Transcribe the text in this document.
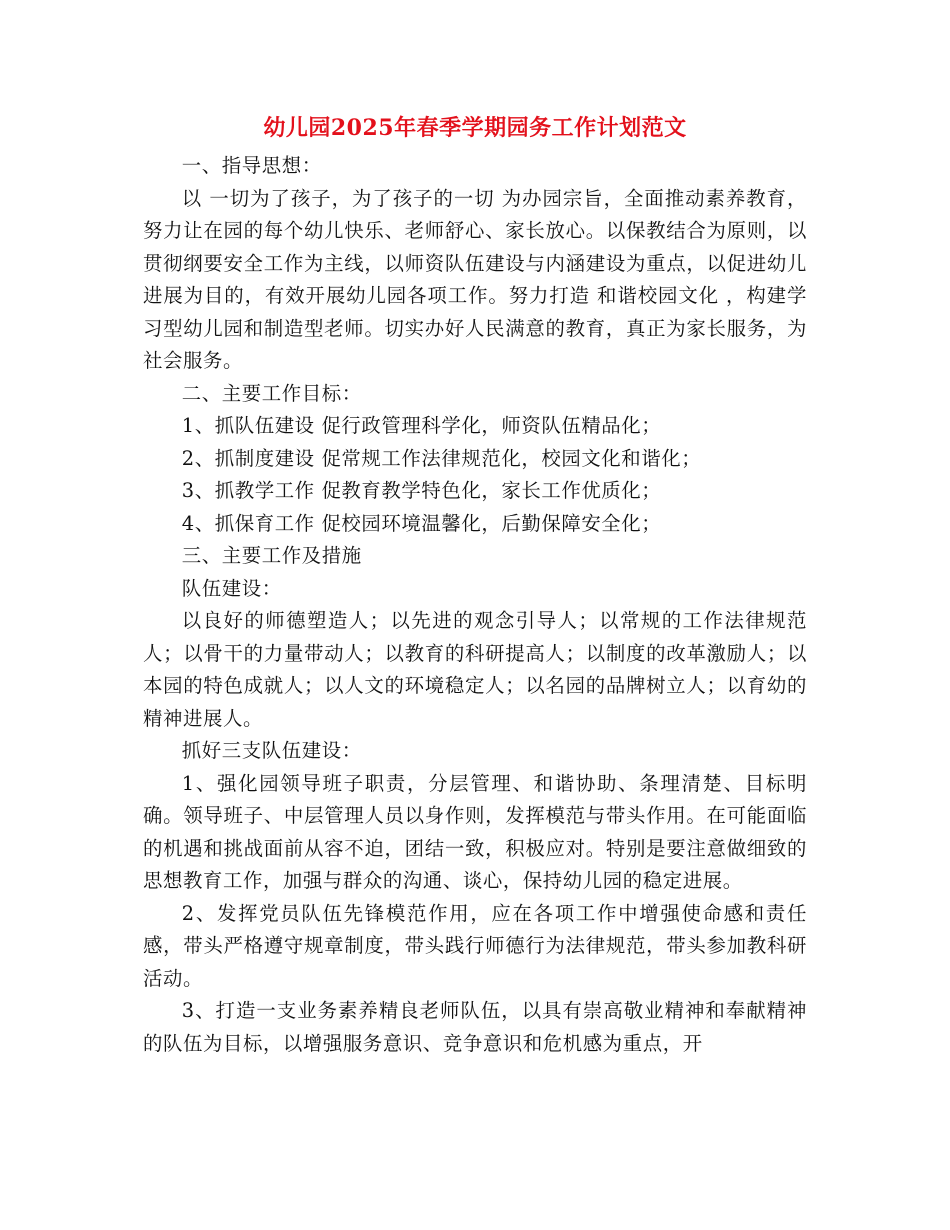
幼儿园2025年春季学期园务工作计划范文

一、指导思想：

以 一切为了孩子，为了孩子的一切 为办园宗旨，全面推动素养教育，努力让在园的每个幼儿快乐、老师舒心、家长放心。以保教结合为原则，以贯彻纲要安全工作为主线，以师资队伍建设与内涵建设为重点，以促进幼儿进展为目的，有效开展幼儿园各项工作。努力打造 和谐校园文化 ，构建学习型幼儿园和制造型老师。切实办好人民满意的教育，真正为家长服务，为社会服务。

二、主要工作目标：

1、抓队伍建设 促行政管理科学化，师资队伍精品化；

2、抓制度建设 促常规工作法律规范化，校园文化和谐化；

3、抓教学工作 促教育教学特色化，家长工作优质化；

4、抓保育工作 促校园环境温馨化，后勤保障安全化；

三、主要工作及措施

队伍建设：

以良好的师德塑造人；以先进的观念引导人；以常规的工作法律规范人；以骨干的力量带动人；以教育的科研提高人；以制度的改革激励人；以本园的特色成就人；以人文的环境稳定人；以名园的品牌树立人；以育幼的精神进展人。

抓好三支队伍建设：

1、强化园领导班子职责，分层管理、和谐协助、条理清楚、目标明确。领导班子、中层管理人员以身作则，发挥模范与带头作用。在可能面临的机遇和挑战面前从容不迫，团结一致，积极应对。特别是要注意做细致的思想教育工作，加强与群众的沟通、谈心，保持幼儿园的稳定进展。

2、发挥党员队伍先锋模范作用，应在各项工作中增强使命感和责任感，带头严格遵守规章制度，带头践行师德行为法律规范，带头参加教科研活动。

3、打造一支业务素养精良老师队伍，以具有崇高敬业精神和奉献精神的队伍为目标，以增强服务意识、竞争意识和危机感为重点，开
